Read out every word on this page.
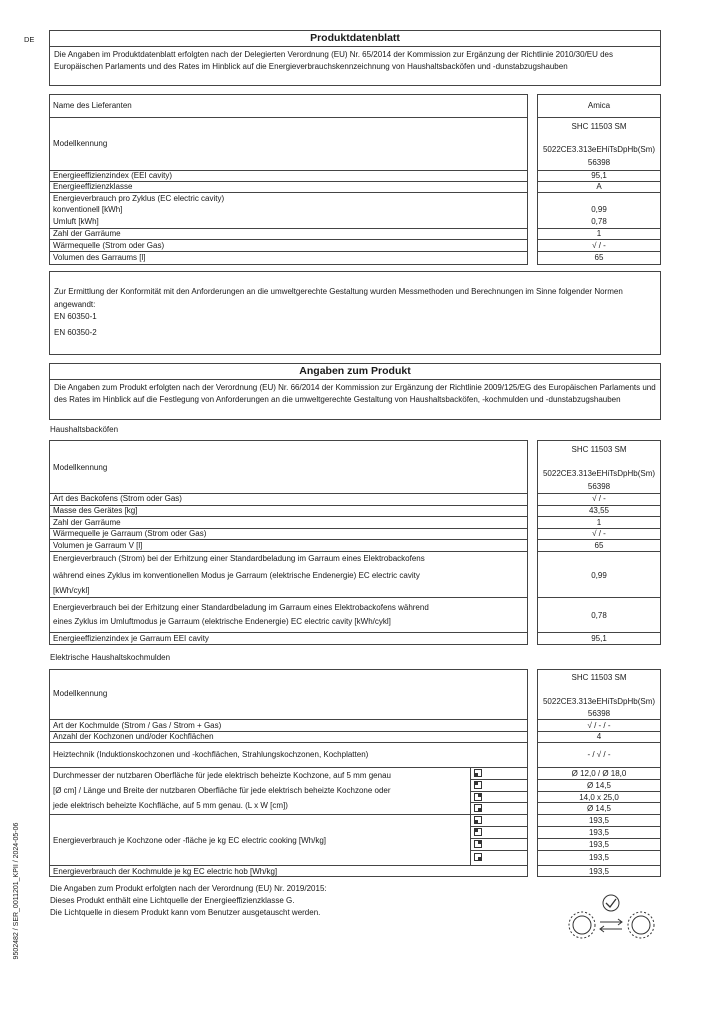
DE
9502482 / SER_0011201_KPII / 2024-05-06
Produktdatenblatt
Die Angaben im Produktdatenblatt erfolgten nach der Delegierten Verordnung (EU) Nr. 65/2014 der Kommission zur Ergänzung der Richtlinie 2010/30/EU des Europäischen Parlaments und des Rates im Hinblick auf die Energieverbrauchskennzeichnung von Haushaltsbacköfen und -dunstabzugshauben
Name des Lieferanten
Modellkennung
Energieeffizienzindex (EEI cavity)
Energieeffizienzklasse
Energieverbrauch pro Zyklus (EC electric cavity)
konventionell [kWh]
Umluft [kWh]
Zahl der Garräume
Wärmequelle (Strom oder Gas)
Volumen des Garraums [l]
Amica
SHC 11503 SM
5022CE3.313eEHiTsDpHb(Sm)
56398
95,1
A
0,99
0,78
1
√ / -
65
Zur Ermittlung der Konformität mit den Anforderungen an die umweltgerechte Gestaltung wurden Messmethoden und Berechnungen im Sinne folgender Normen angewandt:
EN 60350-1
EN 60350-2
Angaben zum Produkt
Die Angaben zum Produkt erfolgten nach der Verordnung (EU) Nr. 66/2014 der Kommission zur Ergänzung der Richtlinie 2009/125/EG des Europäischen Parlaments und des Rates im Hinblick auf die Festlegung von Anforderungen an die umweltgerechte Gestaltung von Haushaltsbacköfen, -kochmulden und -dunstabzugshauben
Haushaltsbacköfen
Modellkennung
Art des Backofens (Strom oder Gas)
Masse des Gerätes [kg]
Zahl der Garräume
Wärmequelle je Garraum (Strom oder Gas)
Volumen je Garraum V [l]
Energieverbrauch (Strom) bei der Erhitzung einer Standardbeladung im Garraum eines Elektrobackofens
während eines Zyklus im konventionellen Modus je Garraum (elektrische Endenergie) EC electric cavity
[kWh/cykl]
Energieverbrauch bei der Erhitzung einer Standardbeladung im Garraum eines Elektrobackofens während
eines Zyklus im Umluftmodus je Garraum (elektrische Endenergie) EC electric cavity [kWh/cykl]
Energieeffizienzindex je Garraum EEI cavity
SHC 11503 SM
5022CE3.313eEHiTsDpHb(Sm)
56398
√ / -
43,55
1
√ / -
65
0,99
0,78
95,1
Elektrische Haushaltskochmulden
Modellkennung
Art der Kochmulde (Strom / Gas / Strom + Gas)
Anzahl der Kochzonen und/oder Kochflächen
Heiztechnik (Induktionskochzonen und -kochflächen, Strahlungskochzonen, Kochplatten)
Durchmesser der nutzbaren Oberfläche für jede elektrisch beheizte Kochzone, auf 5 mm genau
[Ø cm] / Länge und Breite der nutzbaren Oberfläche für jede elektrisch beheizte Kochzone oder
jede elektrisch beheizte Kochfläche, auf 5 mm genau. (L x W [cm])
Energieverbrauch je Kochzone oder -fläche je kg EC electric cooking [Wh/kg]
Energieverbrauch der Kochmulde je kg EC electric hob [Wh/kg]
SHC 11503 SM
5022CE3.313eEHiTsDpHb(Sm)
56398
√ / - / -
4
- / √ / -
Ø 12,0 / Ø 18,0
Ø 14,5
14,0 x 25,0
Ø 14,5
193,5
193,5
193,5
193,5
193,5
Die Angaben zum Produkt erfolgten nach der Verordnung (EU) Nr. 2019/2015:
Dieses Produkt enthält eine Lichtquelle der Energieeffizienzklasse G.
Die Lichtquelle in diesem Produkt kann vom Benutzer ausgetauscht werden.
